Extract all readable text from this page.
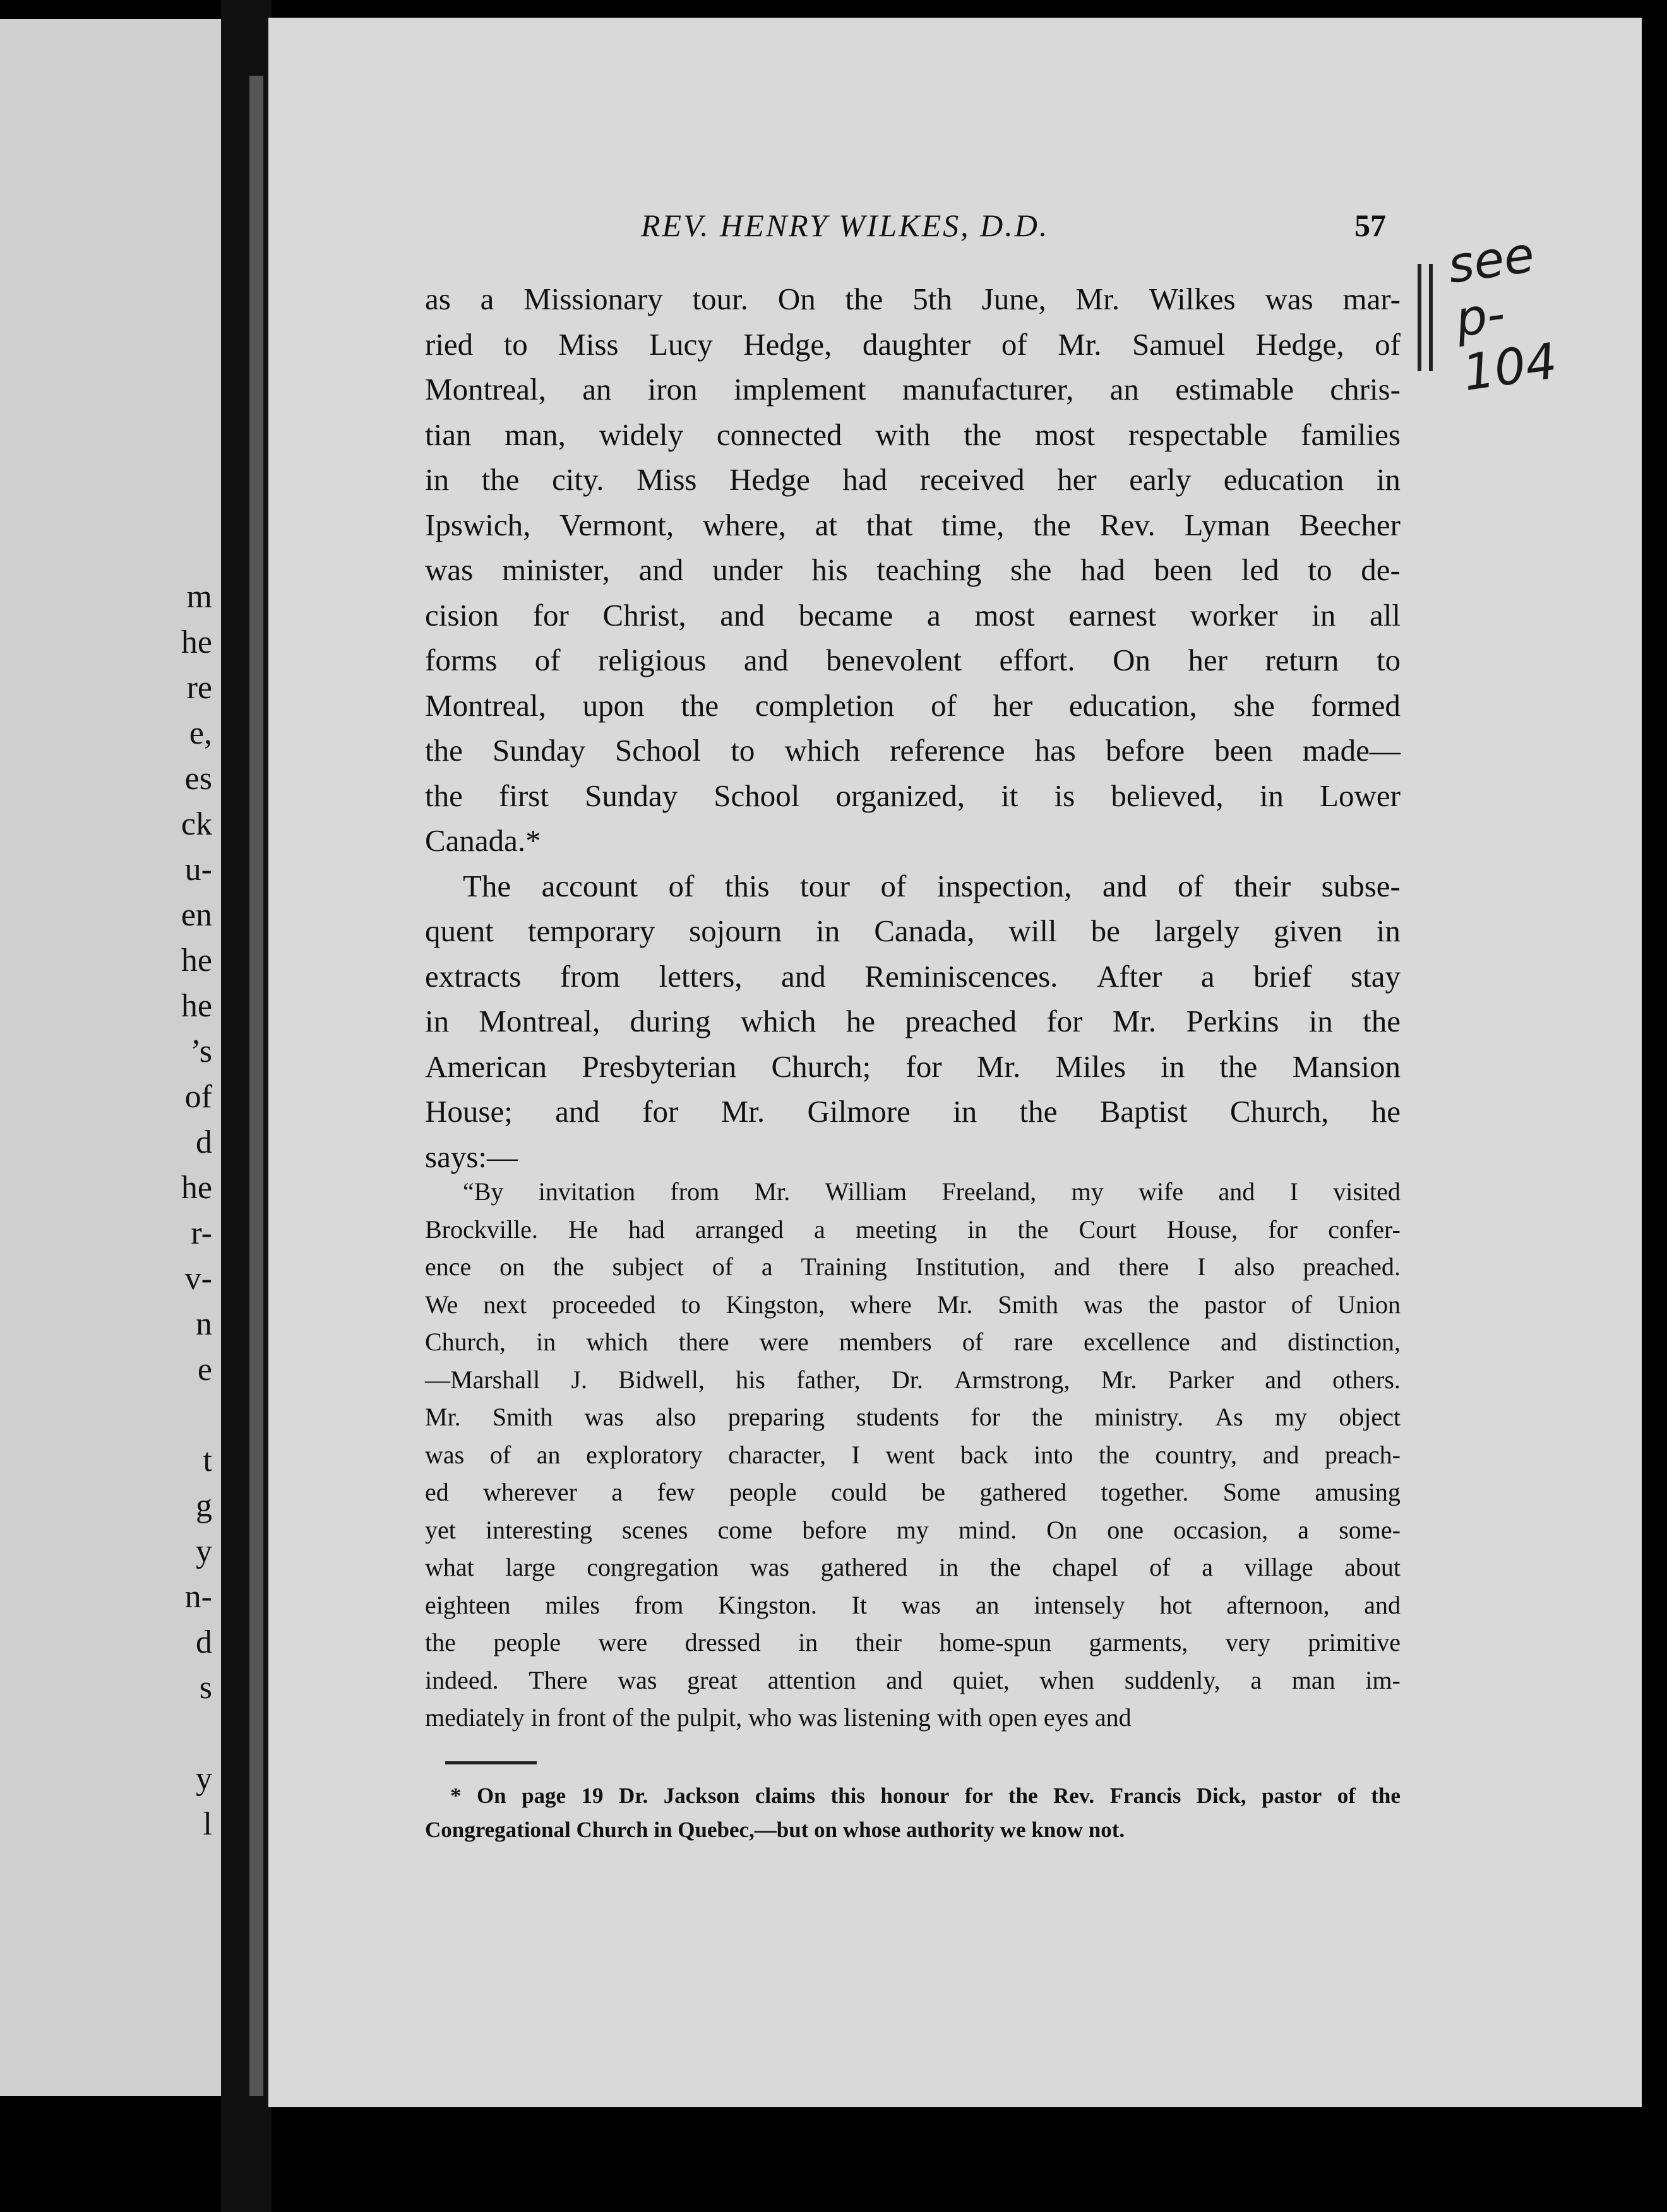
m
he
re
e,
es
ck
u-
en
he
he
’s
of
d
he
r-
v-
n
e
t
g
y
n-
d
s
y
l
REV. HENRY WILKES, D.D.	57
see
p-
104
as a Missionary tour. On the 5th June, Mr. Wilkes was mar-
ried to Miss Lucy Hedge, daughter of Mr. Samuel Hedge, of
Montreal, an iron implement manufacturer, an estimable chris-
tian man, widely connected with the most respectable families
in the city. Miss Hedge had received her early education in
Ipswich, Vermont, where, at that time, the Rev. Lyman Beecher
was minister, and under his teaching she had been led to de-
cision for Christ, and became a most earnest worker in all
forms of religious and benevolent effort. On her return to
Montreal, upon the completion of her education, she formed
the Sunday School to which reference has before been made—
the first Sunday School organized, it is believed, in Lower
Canada.*
The account of this tour of inspection, and of their subse-
quent temporary sojourn in Canada, will be largely given in
extracts from letters, and Reminiscences. After a brief stay
in Montreal, during which he preached for Mr. Perkins in the
American Presbyterian Church; for Mr. Miles in the Mansion
House; and for Mr. Gilmore in the Baptist Church, he
says:—
“By invitation from Mr. William Freeland, my wife and I visited
Brockville. He had arranged a meeting in the Court House, for confer-
ence on the subject of a Training Institution, and there I also preached.
We next proceeded to Kingston, where Mr. Smith was the pastor of Union
Church, in which there were members of rare excellence and distinction,
—Marshall J. Bidwell, his father, Dr. Armstrong, Mr. Parker and others.
Mr. Smith was also preparing students for the ministry. As my object
was of an exploratory character, I went back into the country, and preach-
ed wherever a few people could be gathered together. Some amusing
yet interesting scenes come before my mind. On one occasion, a some-
what large congregation was gathered in the chapel of a village about
eighteen miles from Kingston. It was an intensely hot afternoon, and
the people were dressed in their home-spun garments, very primitive
indeed. There was great attention and quiet, when suddenly, a man im-
mediately in front of the pulpit, who was listening with open eyes and
* On page 19 Dr. Jackson claims this honour for the Rev. Francis Dick, pastor of the
Congregational Church in Quebec,—but on whose authority we know not.
